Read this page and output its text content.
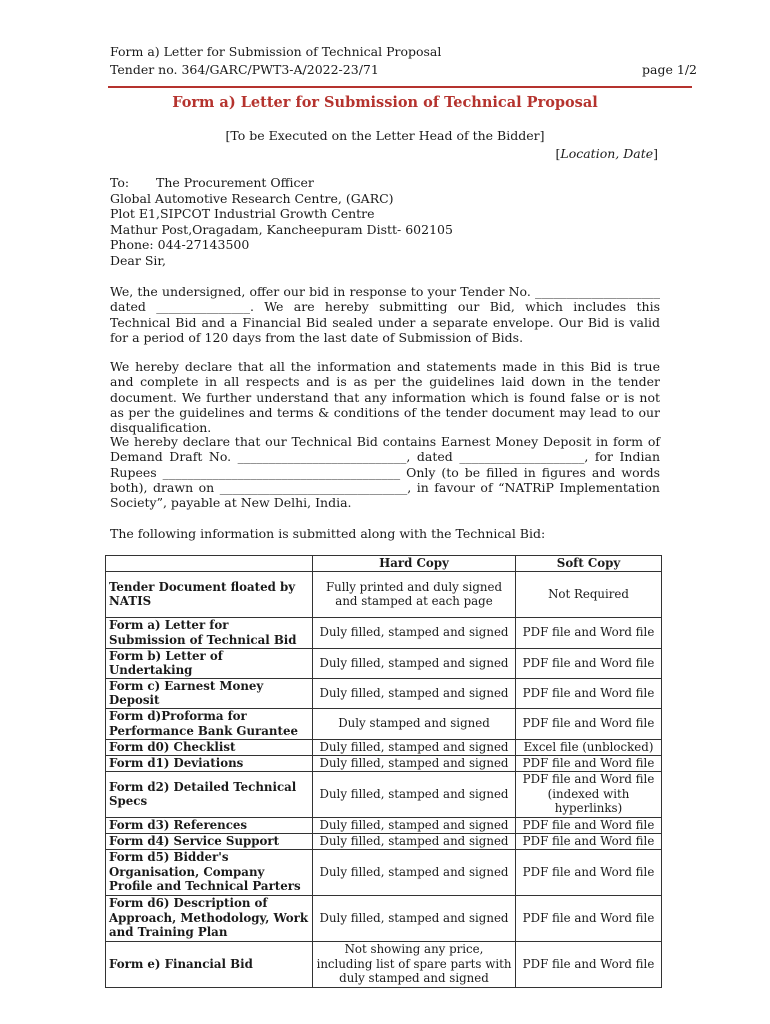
Form a) Letter for Submission of Technical Proposal
Tender no. 364/GARC/PWT3-A/2022-23/71	page 1/2
Form a) Letter for Submission of Technical Proposal
[To be Executed on the Letter Head of the Bidder]
[Location, Date]
To: The Procurement Officer
Global Automotive Research Centre, (GARC)
Plot E1,SIPCOT Industrial Growth Centre
Mathur Post,Oragadam, Kancheepuram Distt- 602105
Phone: 044-27143500
Dear Sir,
We, the undersigned, offer our bid in response to your Tender No. ____________________ dated _______________. We are hereby submitting our Bid, which includes this Technical Bid and a Financial Bid sealed under a separate envelope. Our Bid is valid for a period of 120 days from the last date of Submission of Bids.
We hereby declare that all the information and statements made in this Bid is true and complete in all respects and is as per the guidelines laid down in the tender document. We further understand that any information which is found false or is not as per the guidelines and terms & conditions of the tender document may lead to our disqualification.
We hereby declare that our Technical Bid contains Earnest Money Deposit in form of Demand Draft No. ___________________________, dated ____________________, for Indian Rupees ______________________________________ Only (to be filled in figures and words both), drawn on ______________________________, in favour of “NATRiP Implementation Society”, payable at New Delhi, India.
The following information is submitted along with the Technical Bid:
	Hard Copy	Soft Copy
Tender Document floated by NATIS	Fully printed and duly signed and stamped at each page	Not Required
Form a) Letter for Submission of Technical Bid	Duly filled, stamped and signed	PDF file and Word file
Form b) Letter of Undertaking	Duly filled, stamped and signed	PDF file and Word file
Form c) Earnest Money Deposit	Duly filled, stamped and signed	PDF file and Word file
Form d)Proforma for Performance Bank Gurantee	Duly stamped and signed	PDF file and Word file
Form d0) Checklist	Duly filled, stamped and signed	Excel file (unblocked)
Form d1) Deviations	Duly filled, stamped and signed	PDF file and Word file
Form d2) Detailed Technical Specs	Duly filled, stamped and signed	PDF file and Word file (indexed with hyperlinks)
Form d3) References	Duly filled, stamped and signed	PDF file and Word file
Form d4) Service Support	Duly filled, stamped and signed	PDF file and Word file
Form d5) Bidder's Organisation, Company Profile and Technical Parters	Duly filled, stamped and signed	PDF file and Word file
Form d6) Description of Approach, Methodology, Work and Training Plan	Duly filled, stamped and signed	PDF file and Word file
Form e) Financial Bid	Not showing any price, including list of spare parts with duly stamped and signed	PDF file and Word file
